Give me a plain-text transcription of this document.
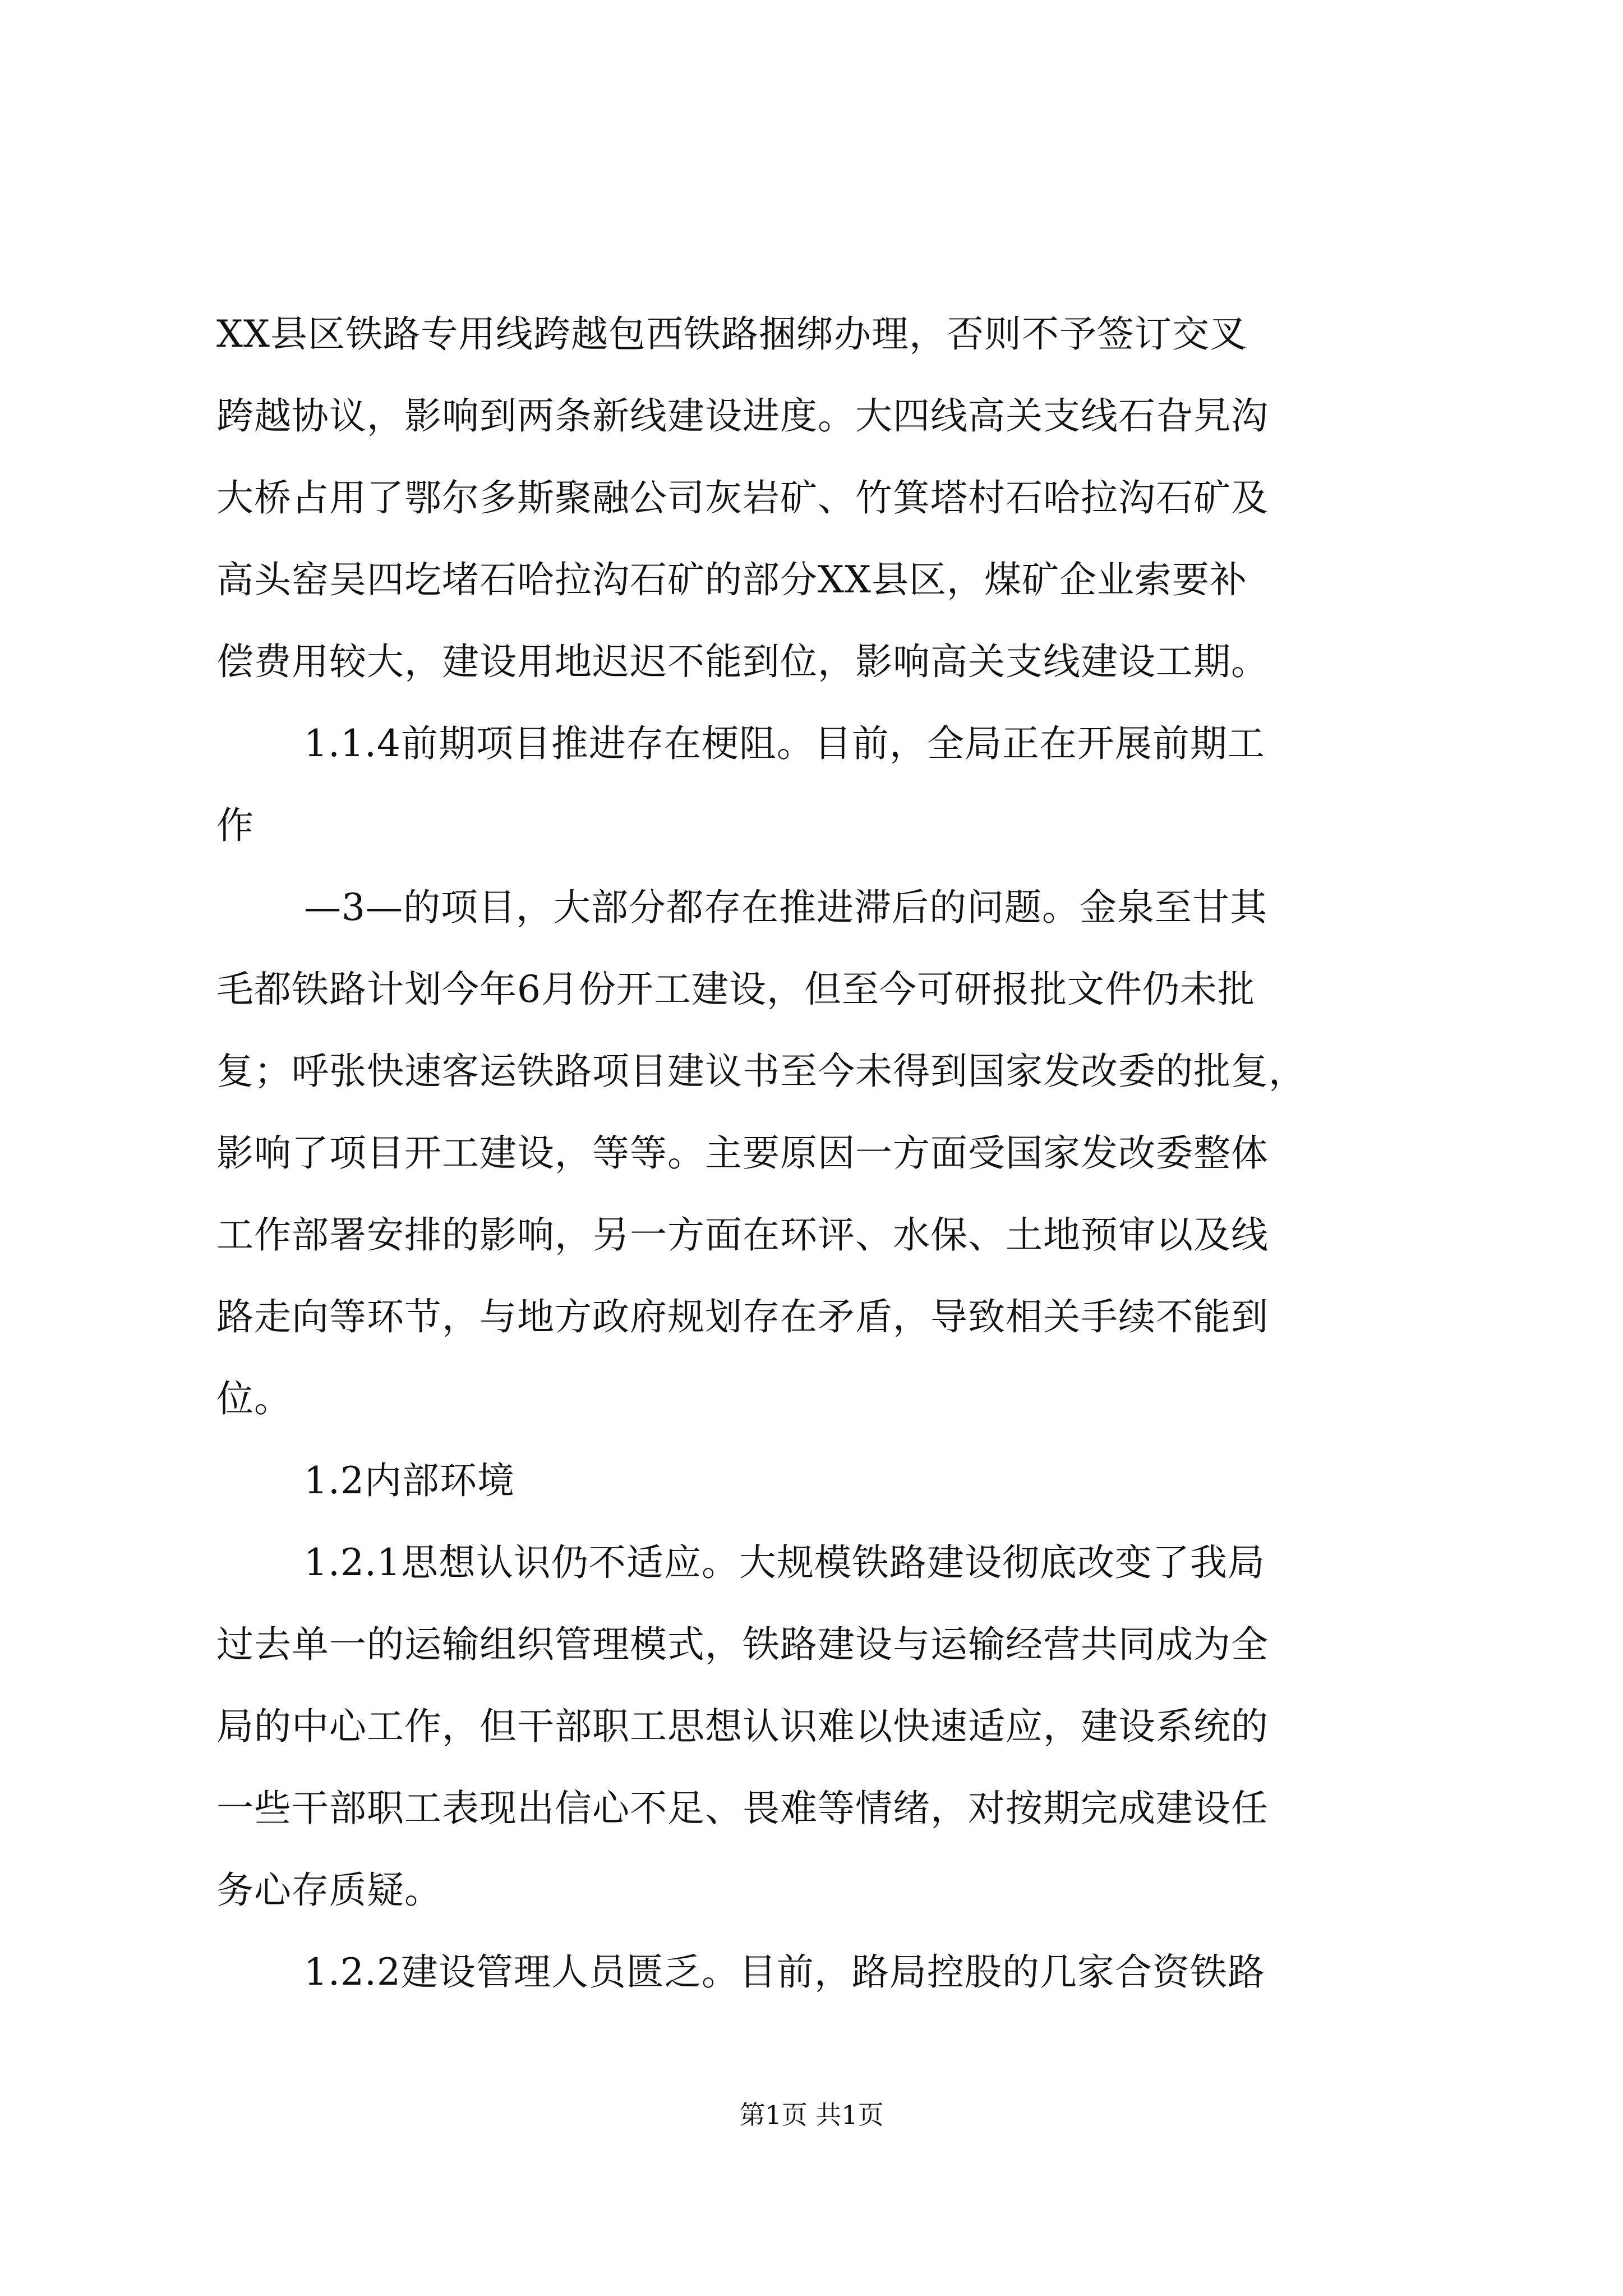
XX县区铁路专用线跨越包西铁路捆绑办理，否则不予签订交叉

跨越协议，影响到两条新线建设进度。大四线高关支线石旮旯沟

大桥占用了鄂尔多斯聚融公司灰岩矿、竹箕塔村石哈拉沟石矿及

高头窑吴四圪堵石哈拉沟石矿的部分XX县区，煤矿企业索要补

偿费用较大，建设用地迟迟不能到位，影响高关支线建设工期。

1.1.4前期项目推进存在梗阻。目前，全局正在开展前期工

作

—3—的项目，大部分都存在推进滞后的问题。金泉至甘其

毛都铁路计划今年6月份开工建设，但至今可研报批文件仍未批

复；呼张快速客运铁路项目建议书至今未得到国家发改委的批复，

影响了项目开工建设，等等。主要原因一方面受国家发改委整体

工作部署安排的影响，另一方面在环评、水保、土地预审以及线

路走向等环节，与地方政府规划存在矛盾，导致相关手续不能到

位。

1.2内部环境

1.2.1思想认识仍不适应。大规模铁路建设彻底改变了我局

过去单一的运输组织管理模式，铁路建设与运输经营共同成为全

局的中心工作，但干部职工思想认识难以快速适应，建设系统的

一些干部职工表现出信心不足、畏难等情绪，对按期完成建设任

务心存质疑。

1.2.2建设管理人员匮乏。目前，路局控股的几家合资铁路

第1页 共1页
